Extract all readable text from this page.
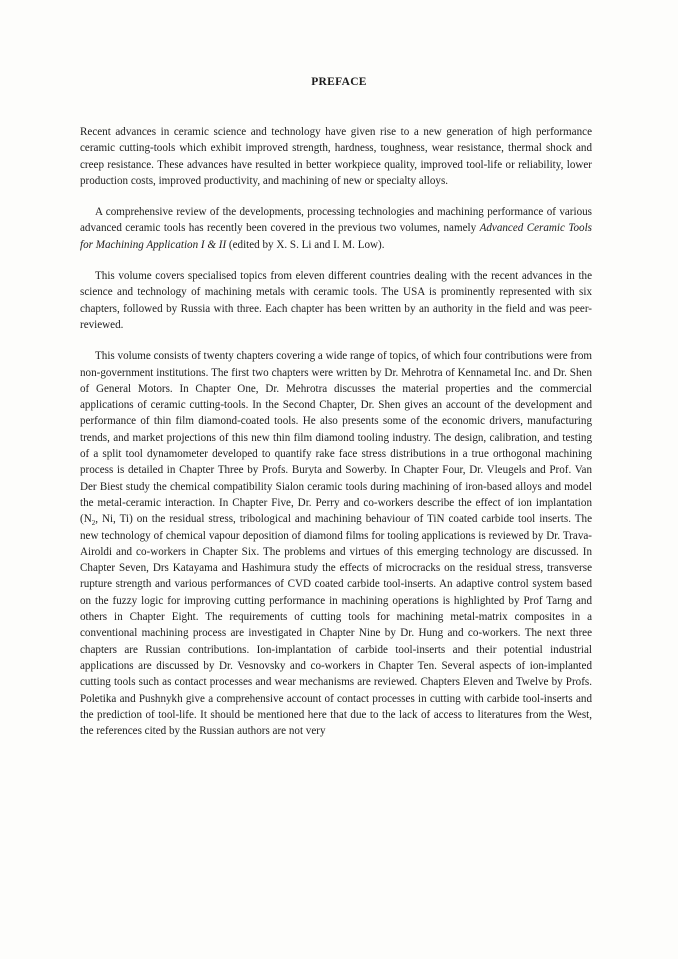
PREFACE

Recent advances in ceramic science and technology have given rise to a new generation of high performance ceramic cutting-tools which exhibit improved strength, hardness, toughness, wear resistance, thermal shock and creep resistance. These advances have resulted in better workpiece quality, improved tool-life or reliability, lower production costs, improved productivity, and machining of new or specialty alloys.

A comprehensive review of the developments, processing technologies and machining performance of various advanced ceramic tools has recently been covered in the previous two volumes, namely Advanced Ceramic Tools for Machining Application I & II (edited by X. S. Li and I. M. Low).

This volume covers specialised topics from eleven different countries dealing with the recent advances in the science and technology of machining metals with ceramic tools. The USA is prominently represented with six chapters, followed by Russia with three. Each chapter has been written by an authority in the field and was peer-reviewed.

This volume consists of twenty chapters covering a wide range of topics, of which four contributions were from non-government institutions. The first two chapters were written by Dr. Mehrotra of Kennametal Inc. and Dr. Shen of General Motors. In Chapter One, Dr. Mehrotra discusses the material properties and the commercial applications of ceramic cutting-tools. In the Second Chapter, Dr. Shen gives an account of the development and performance of thin film diamond-coated tools. He also presents some of the economic drivers, manufacturing trends, and market projections of this new thin film diamond tooling industry. The design, calibration, and testing of a split tool dynamometer developed to quantify rake face stress distributions in a true orthogonal machining process is detailed in Chapter Three by Profs. Buryta and Sowerby. In Chapter Four, Dr. Vleugels and Prof. Van Der Biest study the chemical compatibility Sialon ceramic tools during machining of iron-based alloys and model the metal-ceramic interaction. In Chapter Five, Dr. Perry and co-workers describe the effect of ion implantation ($N_2$, Ni, Ti) on the residual stress, tribological and machining behaviour of TiN coated carbide tool inserts. The new technology of chemical vapour deposition of diamond films for tooling applications is reviewed by Dr. Trava-Airoldi and co-workers in Chapter Six. The problems and virtues of this emerging technology are discussed. In Chapter Seven, Drs Katayama and Hashimura study the effects of microcracks on the residual stress, transverse rupture strength and various performances of CVD coated carbide tool-inserts. An adaptive control system based on the fuzzy logic for improving cutting performance in machining operations is highlighted by Prof Tarng and others in Chapter Eight. The requirements of cutting tools for machining metal-matrix composites in a conventional machining process are investigated in Chapter Nine by Dr. Hung and co-workers. The next three chapters are Russian contributions. Ion-implantation of carbide tool-inserts and their potential industrial applications are discussed by Dr. Vesnovsky and co-workers in Chapter Ten. Several aspects of ion-implanted cutting tools such as contact processes and wear mechanisms are reviewed. Chapters Eleven and Twelve by Profs. Poletika and Pushnykh give a comprehensive account of contact processes in cutting with carbide tool-inserts and the prediction of tool-life. It should be mentioned here that due to the lack of access to literatures from the West, the references cited by the Russian authors are not very
